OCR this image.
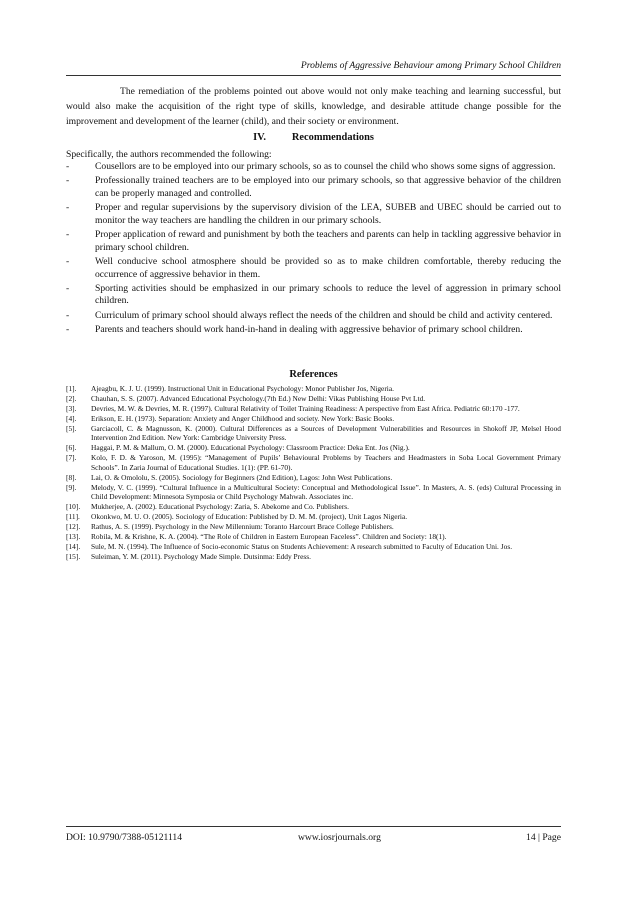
Problems of Aggressive Behaviour among Primary School Children

The remediation of the problems pointed out above would not only make teaching and learning successful, but would also make the acquisition of the right type of skills, knowledge, and desirable attitude change possible for the improvement and development of the learner (child), and their society or environment.

IV.	Recommendations

Specifically, the authors recommended the following:

-	Cousellors are to be employed into our primary schools, so as to counsel the child who shows some signs of aggression.
-	Professionally trained teachers are to be employed into our primary schools, so that aggressive behavior of the children can be properly managed and controlled.
-	Proper and regular supervisions by the supervisory division of the LEA, SUBEB and UBEC should be carried out to monitor the way teachers are handling the children in our primary schools.
-	Proper application of reward and punishment by both the teachers and parents can help in tackling aggressive behavior in primary school children.
-	Well conducive school atmosphere should be provided so as to make children comfortable, thereby reducing the occurrence of aggressive behavior in them.
-	Sporting activities should be emphasized in our primary schools to reduce the level of aggression in primary school children.
-	Curriculum of primary school should always reflect the needs of the children and should be child and activity centered.
-	Parents and teachers should work hand-in-hand in dealing with aggressive behavior of primary school children.
References
[1]. Ajeagbu, K. J. U. (1999). Instructional Unit in Educational Psychology: Monor Publisher Jos, Nigeria.
[2]. Chauhan, S. S. (2007). Advanced Educational Psychology.(7th Ed.) New Delhi: Vikas Publishing House Pvt Ltd.
[3]. Devries, M. W. & Devries, M. R. (1997). Cultural Relativity of Toilet Training Readiness: A perspective from East Africa. Pediatric 60:170 -177.
[4]. Erikson, E. H. (1973). Separation: Anxiety and Anger Childhood and society. New York: Basic Books.
[5]. Garciacoll, C. & Magnusson, K. (2000). Cultural Differences as a Sources of Development Vulnerabilities and Resources in Shokoff JP, Melsel Hood Intervention 2nd Edition. New York: Cambridge University Press.
[6]. Haggai, P. M. & Mallum, O. M. (2000). Educational Psychology: Classroom Practice: Deka Ent. Jos (Nig.).
[7]. Kolo, F. D. & Yaroson, M. (1995): “Management of Pupils’ Behavioural Problems by Teachers and Headmasters in Soba Local Government Primary Schools”. In Zaria Journal of Educational Studies. 1(1): (PP. 61-70).
[8]. Lai, O. & Omololu, S. (2005). Sociology for Beginners (2nd Edition), Lagos: John West Publications.
[9]. Melody, V. C. (1999). “Cultural Influence in a Multicultural Society: Conceptual and Methodological Issue”. In Masters, A. S. (eds) Cultural Processing in Child Development: Minnesota Symposia or Child Psychology Mahwah. Associates inc.
[10]. Mukherjee, A. (2002). Educational Psychology: Zaria, S. Abekome and Co. Publishers.
[11]. Okonkwo, M. U. O. (2005). Sociology of Education: Published by D. M. M. (project), Unit Lagos Nigeria.
[12]. Rathus, A. S. (1999). Psychology in the New Millennium: Toranto Harcourt Brace College Publishers.
[13]. Robila, M. & Krishne, K. A. (2004). “The Role of Children in Eastern European Faceless”. Children and Society: 18(1).
[14]. Sule, M. N. (1994). The Influence of Socio-economic Status on Students Achievement: A research submitted to Faculty of Education Uni. Jos.
[15]. Suleiman, Y. M. (2011). Psychology Made Simple. Dutsinma: Eddy Press.
DOI: 10.9790/7388-05121114	www.iosrjournals.org	14 | Page
